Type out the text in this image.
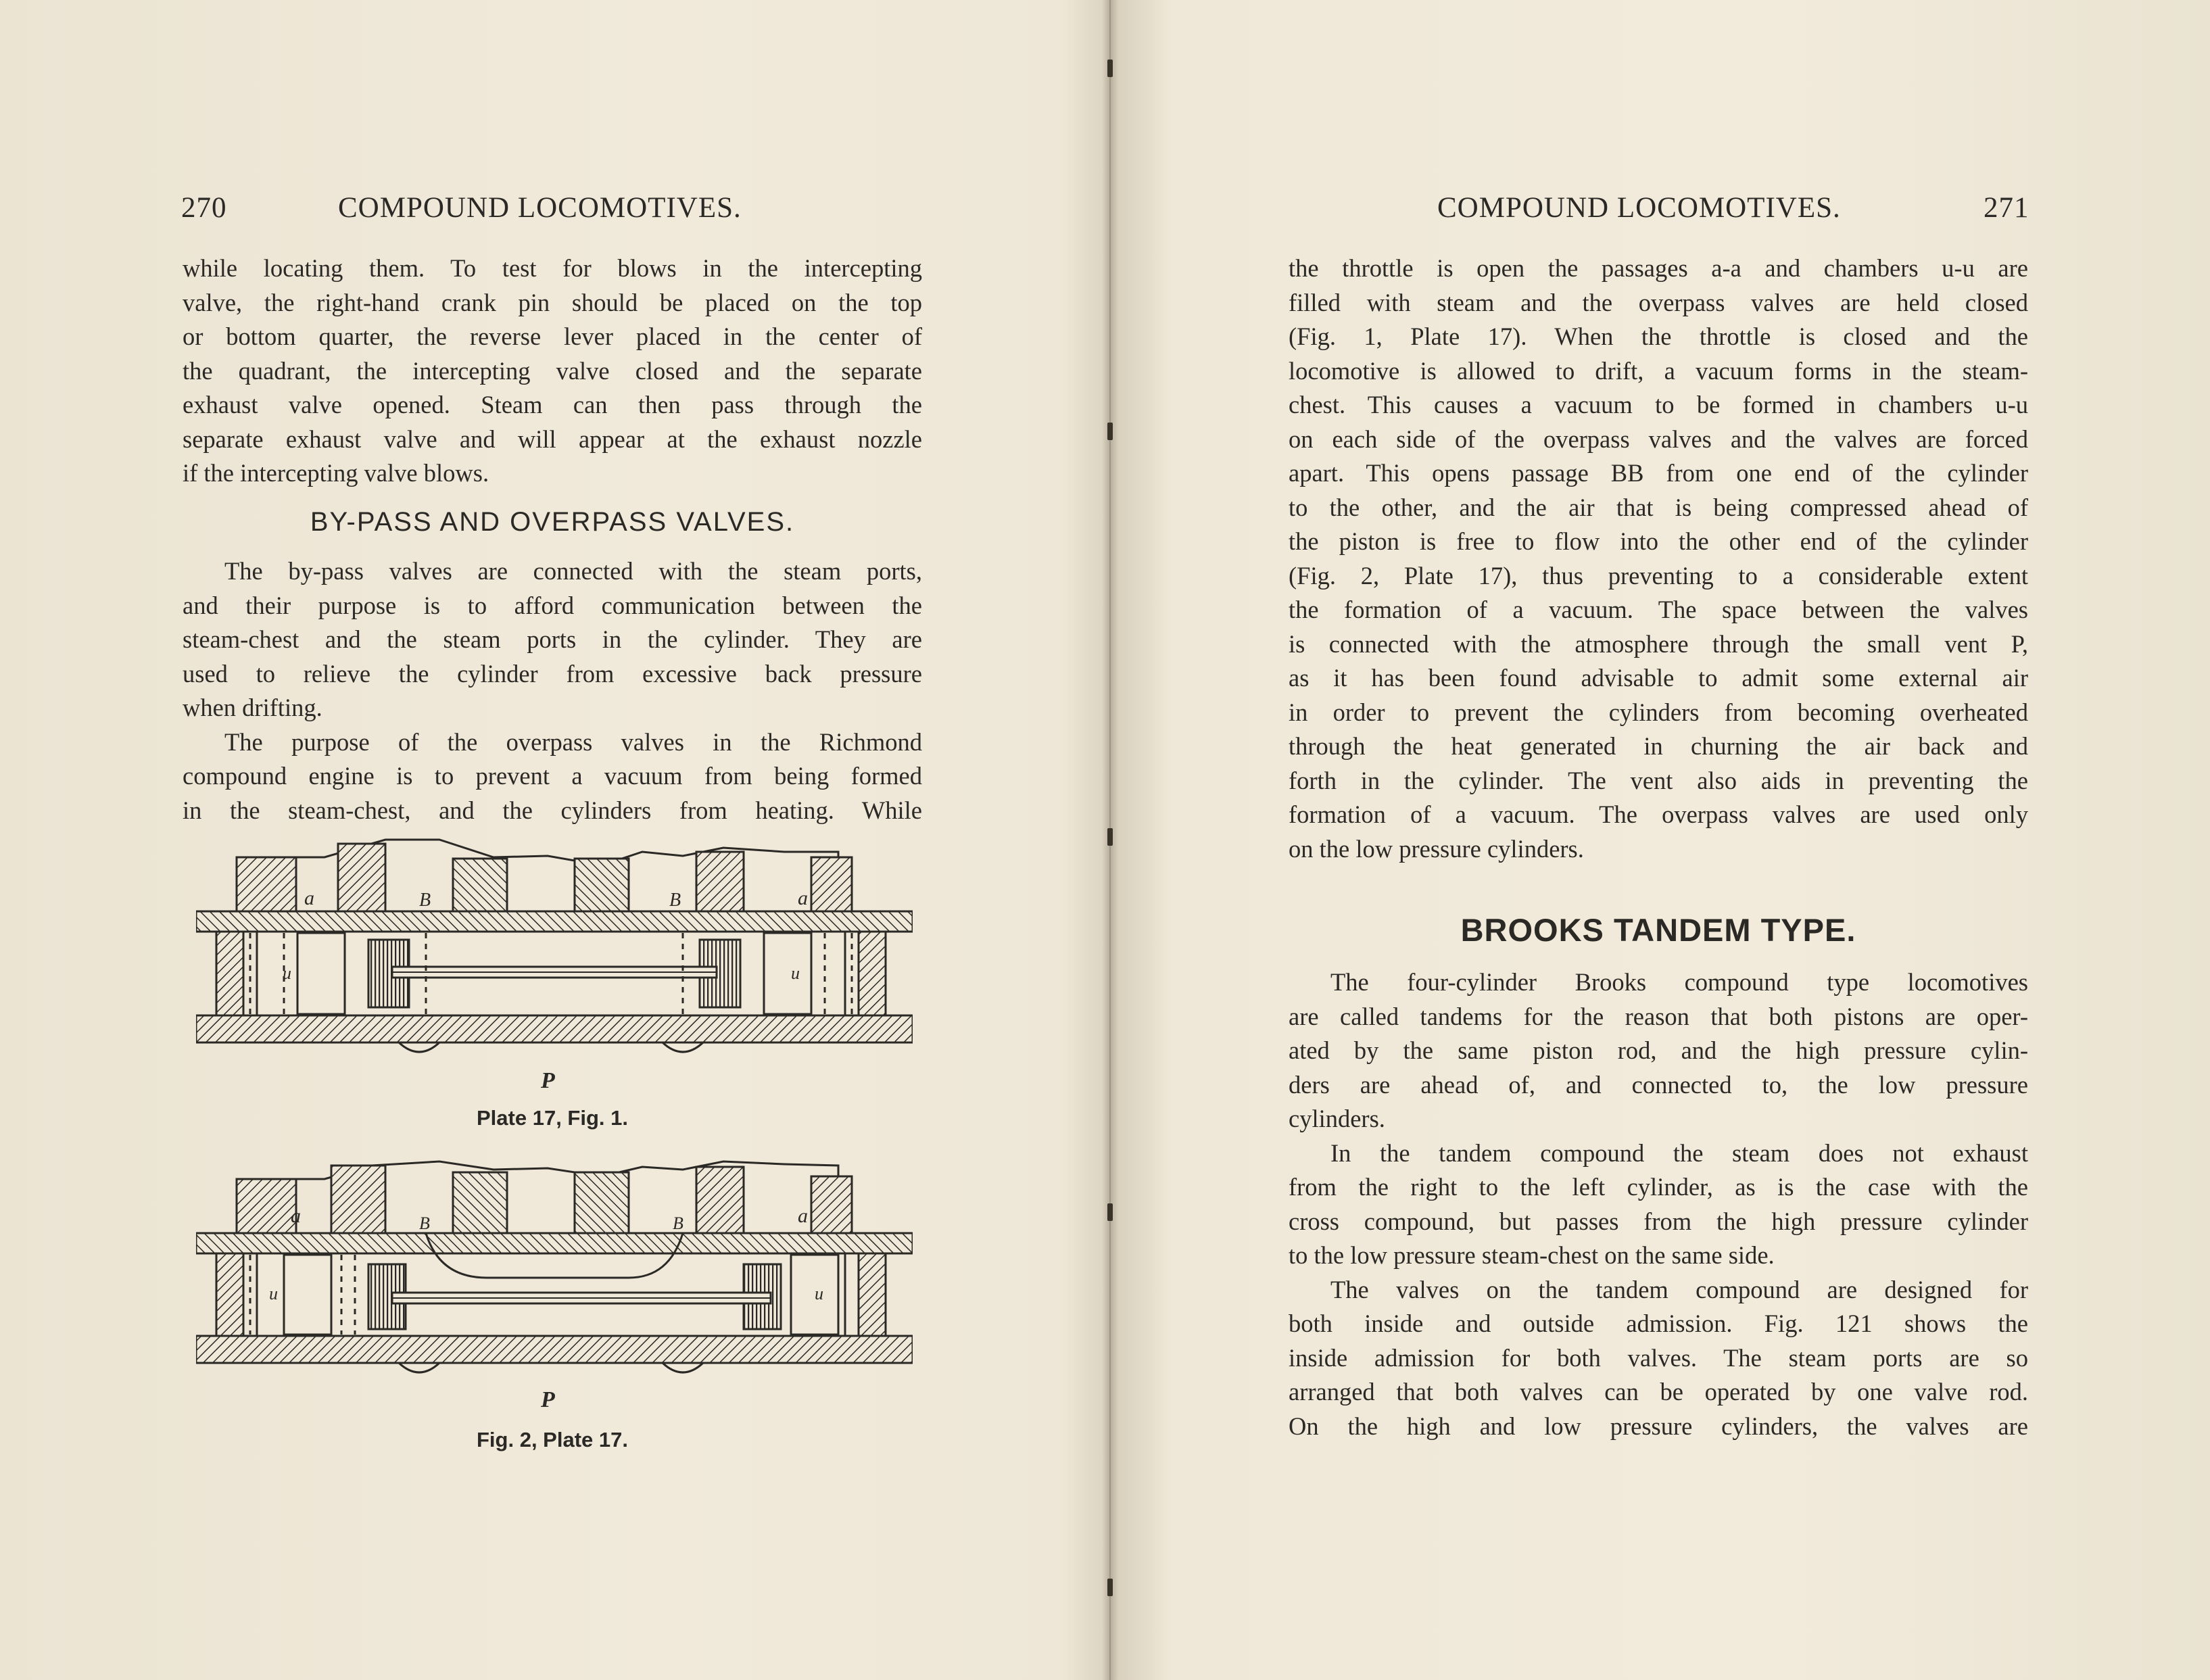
270	COMPOUND LOCOMOTIVES.

while locating them. To test for blows in the intercepting
valve, the right-hand crank pin should be placed on the top
or bottom quarter, the reverse lever placed in the center of
the quadrant, the intercepting valve closed and the separate
exhaust valve opened. Steam can then pass through the
separate exhaust valve and will appear at the exhaust nozzle
if the intercepting valve blows.

BY-PASS AND OVERPASS VALVES.

The by-pass valves are connected with the steam ports,
and their purpose is to afford communication between the
steam-chest and the steam ports in the cylinder. They are
used to relieve the cylinder from excessive back pressure
when drifting.

The purpose of the overpass valves in the Richmond
compound engine is to prevent a vacuum from being formed
in the steam-chest, and the cylinders from heating. While

a	B	B	a
u	u
P
Plate 17, Fig. 1.
a	B	B	a
u	u
P
Fig. 2, Plate 17.
COMPOUND LOCOMOTIVES.	271

the throttle is open the passages a-a and chambers u-u are
filled with steam and the overpass valves are held closed
(Fig. 1, Plate 17). When the throttle is closed and the
locomotive is allowed to drift, a vacuum forms in the steam-
chest. This causes a vacuum to be formed in chambers u-u
on each side of the overpass valves and the valves are forced
apart. This opens passage BB from one end of the cylinder
to the other, and the air that is being compressed ahead of
the piston is free to flow into the other end of the cylinder
(Fig. 2, Plate 17), thus preventing to a considerable extent
the formation of a vacuum. The space between the valves
is connected with the atmosphere through the small vent P,
as it has been found advisable to admit some external air
in order to prevent the cylinders from becoming overheated
through the heat generated in churning the air back and
forth in the cylinder. The vent also aids in preventing the
formation of a vacuum. The overpass valves are used only
on the low pressure cylinders.

BROOKS TANDEM TYPE.

The four-cylinder Brooks compound type locomotives
are called tandems for the reason that both pistons are oper-
ated by the same piston rod, and the high pressure cylin-
ders are ahead of, and connected to, the low pressure
cylinders.

In the tandem compound the steam does not exhaust
from the right to the left cylinder, as is the case with the
cross compound, but passes from the high pressure cylinder
to the low pressure steam-chest on the same side.

The valves on the tandem compound are designed for
both inside and outside admission. Fig. 121 shows the
inside admission for both valves. The steam ports are so
arranged that both valves can be operated by one valve rod.
On the high and low pressure cylinders, the valves are
